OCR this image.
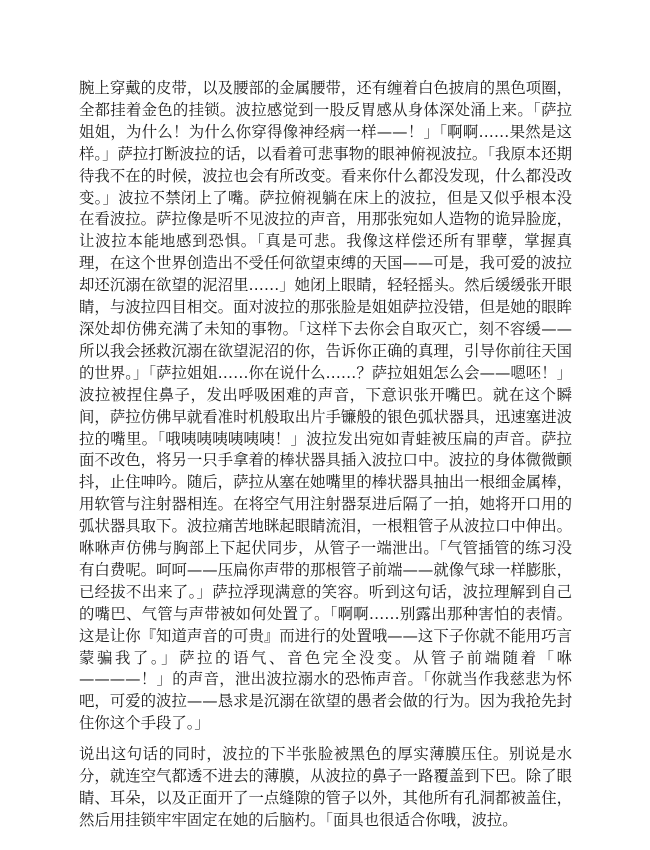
腕上穿戴的皮带，以及腰部的金属腰带，还有缠着白色披肩的黑色项圈，全都挂着金色的挂锁。波拉感觉到一股反胃感从身体深处涌上来。「萨拉姐姐，为什么！为什么你穿得像神经病一样——！」「啊啊……果然是这样。」萨拉打断波拉的话，以看着可悲事物的眼神俯视波拉。「我原本还期待我不在的时候，波拉也会有所改变。看来你什么都没发现，什么都没改变。」波拉不禁闭上了嘴。萨拉俯视躺在床上的波拉，但是又似乎根本没在看波拉。萨拉像是听不见波拉的声音，用那张宛如人造物的诡异脸庞，让波拉本能地感到恐惧。「真是可悲。我像这样偿还所有罪孽，掌握真理，在这个世界创造出不受任何欲望束缚的天国——可是，我可爱的波拉却还沉溺在欲望的泥沼里……」她闭上眼睛，轻轻摇头。然后缓缓张开眼睛，与波拉四目相交。面对波拉的那张脸是姐姐萨拉没错，但是她的眼眸深处却仿佛充满了未知的事物。「这样下去你会自取灭亡，刻不容缓——所以我会拯救沉溺在欲望泥沼的你，告诉你正确的真理，引导你前往天国的世界。」「萨拉姐姐……你在说什么……？萨拉姐姐怎么会——嗯呸！」波拉被捏住鼻子，发出呼吸困难的声音，下意识张开嘴巴。就在这个瞬间，萨拉仿佛早就看准时机般取出片手镰般的银色弧状器具，迅速塞进波拉的嘴里。「哦咦咦咦咦咦咦！」波拉发出宛如青蛙被压扁的声音。萨拉面不改色，将另一只手拿着的棒状器具插入波拉口中。波拉的身体微微颤抖，止住呻吟。随后，萨拉从塞在她嘴里的棒状器具抽出一根细金属棒，用软管与注射器相连。在将空气用注射器泵进后隔了一拍，她将开口用的弧状器具取下。波拉痛苦地眯起眼睛流泪，一根粗管子从波拉口中伸出。咻咻声仿佛与胸部上下起伏同步，从管子一端泄出。「气管插管的练习没有白费呢。呵呵——压扁你声带的那根管子前端——就像气球一样膨胀，已经拔不出来了。」萨拉浮现满意的笑容。听到这句话，波拉理解到自己的嘴巴、气管与声带被如何处置了。「啊啊……别露出那种害怕的表情。这是让你『知道声音的可贵』而进行的处置哦——这下子你就不能用巧言蒙骗我了。」萨拉的语气、音色完全没变。从管子前端随着「咻————！」的声音，泄出波拉溺水的恐怖声音。「你就当作我慈悲为怀吧，可爱的波拉——恳求是沉溺在欲望的愚者会做的行为。因为我抢先封住你这个手段了。」

说出这句话的同时，波拉的下半张脸被黑色的厚实薄膜压住。别说是水分，就连空气都透不进去的薄膜，从波拉的鼻子一路覆盖到下巴。除了眼睛、耳朵，以及正面开了一点缝隙的管子以外，其他所有孔洞都被盖住，然后用挂锁牢牢固定在她的后脑杓。「面具也很适合你哦，波拉。
